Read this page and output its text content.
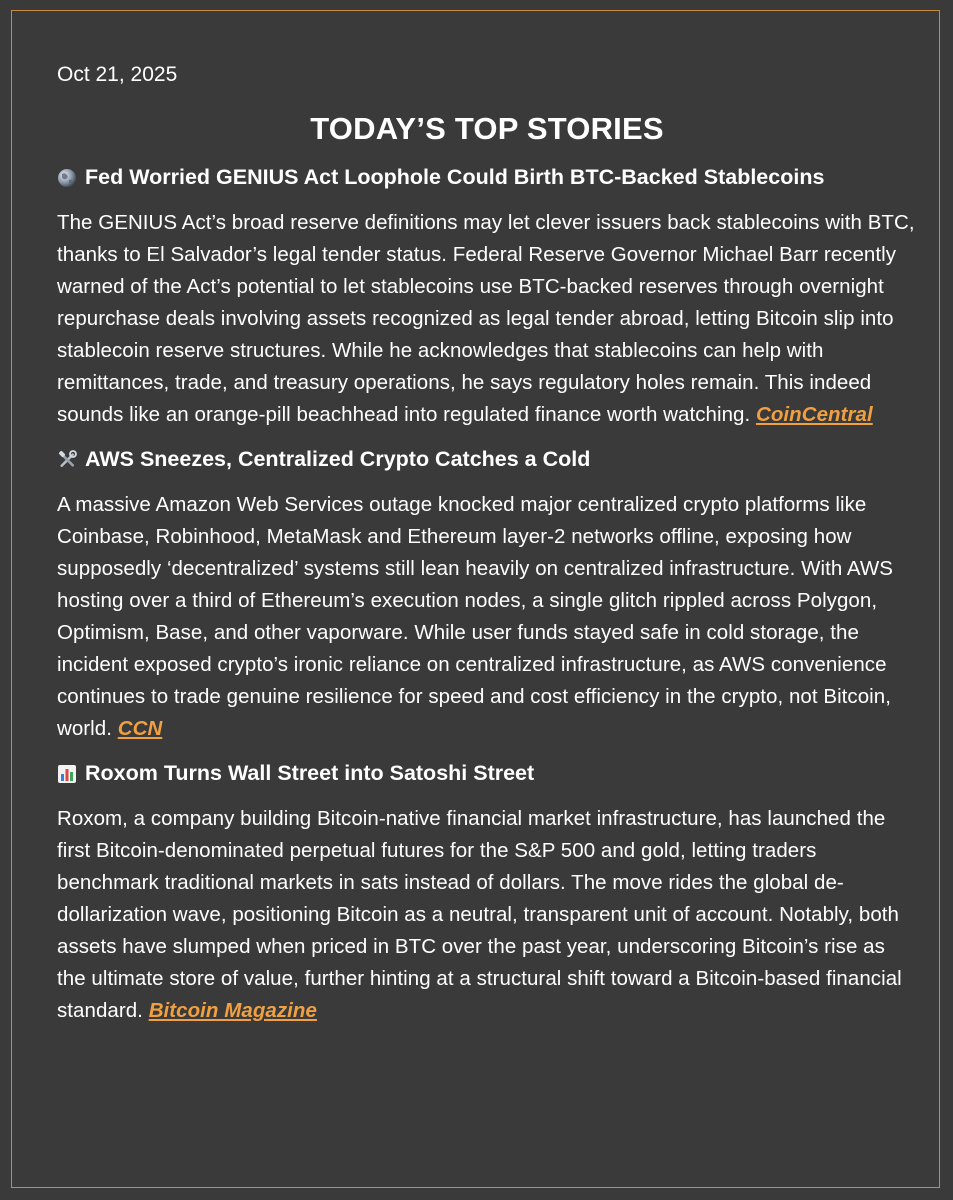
Oct 21, 2025

TODAY’S TOP STORIES
Fed Worried GENIUS Act Loophole Could Birth BTC-Backed Stablecoins

The GENIUS Act’s broad reserve definitions may let clever issuers back stablecoins with BTC, thanks to El Salvador’s legal tender status. Federal Reserve Governor Michael Barr recently warned of the Act’s potential to let stablecoins use BTC-backed reserves through overnight repurchase deals involving assets recognized as legal tender abroad, letting Bitcoin slip into stablecoin reserve structures. While he acknowledges that stablecoins can help with remittances, trade, and treasury operations, he says regulatory holes remain. This indeed sounds like an orange-pill beachhead into regulated finance worth watching. CoinCentral

AWS Sneezes, Centralized Crypto Catches a Cold

A massive Amazon Web Services outage knocked major centralized crypto platforms like Coinbase, Robinhood, MetaMask and Ethereum layer-2 networks offline, exposing how supposedly ‘decentralized’ systems still lean heavily on centralized infrastructure. With AWS hosting over a third of Ethereum’s execution nodes, a single glitch rippled across Polygon, Optimism, Base, and other vaporware. While user funds stayed safe in cold storage, the incident exposed crypto’s ironic reliance on centralized infrastructure, as AWS convenience continues to trade genuine resilience for speed and cost efficiency in the crypto, not Bitcoin, world. CCN

Roxom Turns Wall Street into Satoshi Street

Roxom, a company building Bitcoin-native financial market infrastructure, has launched the first Bitcoin-denominated perpetual futures for the S&P 500 and gold, letting traders benchmark traditional markets in sats instead of dollars. The move rides the global de-dollarization wave, positioning Bitcoin as a neutral, transparent unit of account. Notably, both assets have slumped when priced in BTC over the past year, underscoring Bitcoin’s rise as the ultimate store of value, further hinting at a structural shift toward a Bitcoin-based financial standard. Bitcoin Magazine
